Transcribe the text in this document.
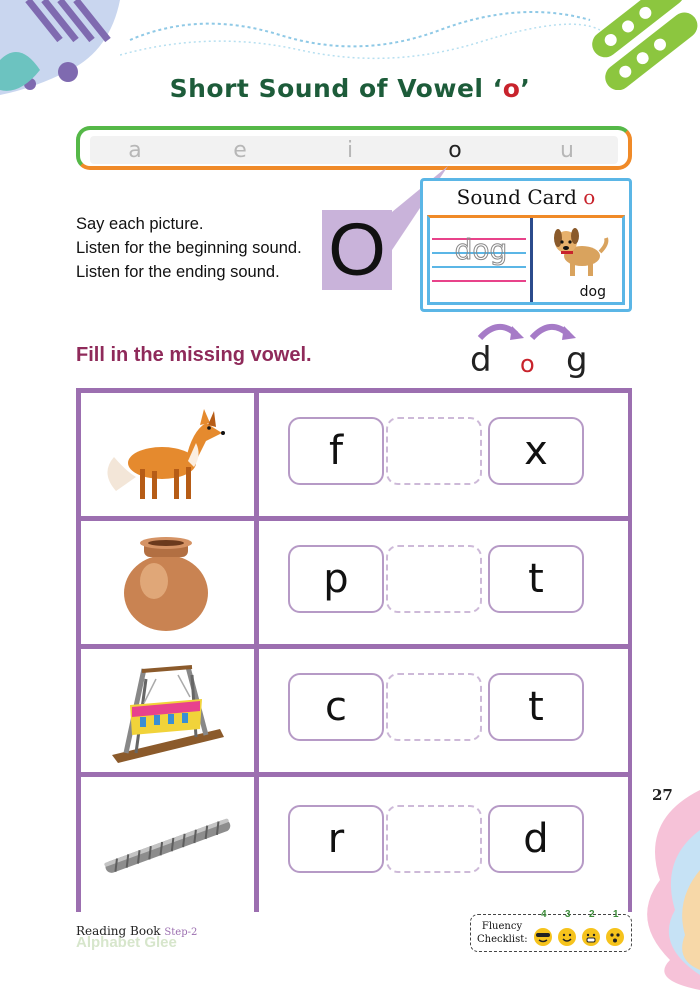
Short Sound of Vowel ‘o’
a	e	i	o	u
Say each picture.
Listen for the beginning sound.
Listen for the ending sound. O
Sound Card o
dog
dog
Fill in the missing vowel.	d o g
f	x
p	t
c	t
r	d
27
Alphabet Glee
Reading Book Step-2
Fluency
Checklist:
4 3 2 1
